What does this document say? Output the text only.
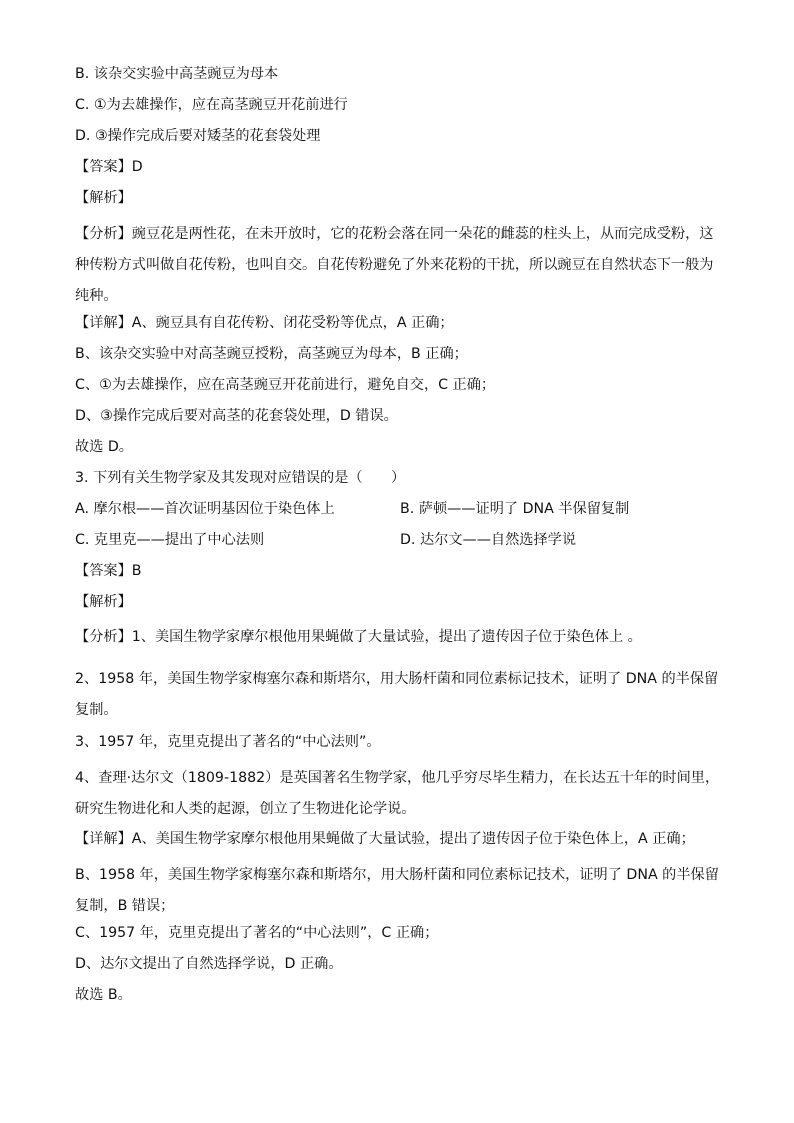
B. 该杂交实验中高茎豌豆为母本
C. ①为去雄操作，应在高茎豌豆开花前进行
D. ③操作完成后要对矮茎的花套袋处理
【答案】D
【解析】
【分析】豌豆花是两性花，在未开放时，它的花粉会落在同一朵花的雌蕊的柱头上，从而完成受粉，这种传粉方式叫做自花传粉，也叫自交。自花传粉避免了外来花粉的干扰，所以豌豆在自然状态下一般为纯种。
【详解】A、豌豆具有自花传粉、闭花受粉等优点，A 正确；
B、该杂交实验中对高茎豌豆授粉，高茎豌豆为母本，B 正确；
C、①为去雄操作，应在高茎豌豆开花前进行，避免自交，C 正确；
D、③操作完成后要对高茎的花套袋处理，D 错误。
故选 D。
3. 下列有关生物学家及其发现对应错误的是（　　）
A. 摩尔根——首次证明基因位于染色体上	B. 萨顿——证明了 DNA 半保留复制
C. 克里克——提出了中心法则	D. 达尔文——自然选择学说
【答案】B
【解析】
【分析】1、美国生物学家摩尔根他用果蝇做了大量试验，提出了遗传因子位于染色体上 。
2、1958 年，美国生物学家梅塞尔森和斯塔尔，用大肠杆菌和同位素标记技术，证明了 DNA 的半保留复制。
3、1957 年，克里克提出了著名的“中心法则”。
4、查理·达尔文（1809-1882）是英国著名生物学家，他几乎穷尽毕生精力，在长达五十年的时间里，研究生物进化和人类的起源，创立了生物进化论学说。
【详解】A、美国生物学家摩尔根他用果蝇做了大量试验，提出了遗传因子位于染色体上，A 正确；
B、1958 年，美国生物学家梅塞尔森和斯塔尔，用大肠杆菌和同位素标记技术，证明了 DNA 的半保留复制，B 错误；
C、1957 年，克里克提出了著名的“中心法则”，C 正确；
D、达尔文提出了自然选择学说，D 正确。
故选 B。
